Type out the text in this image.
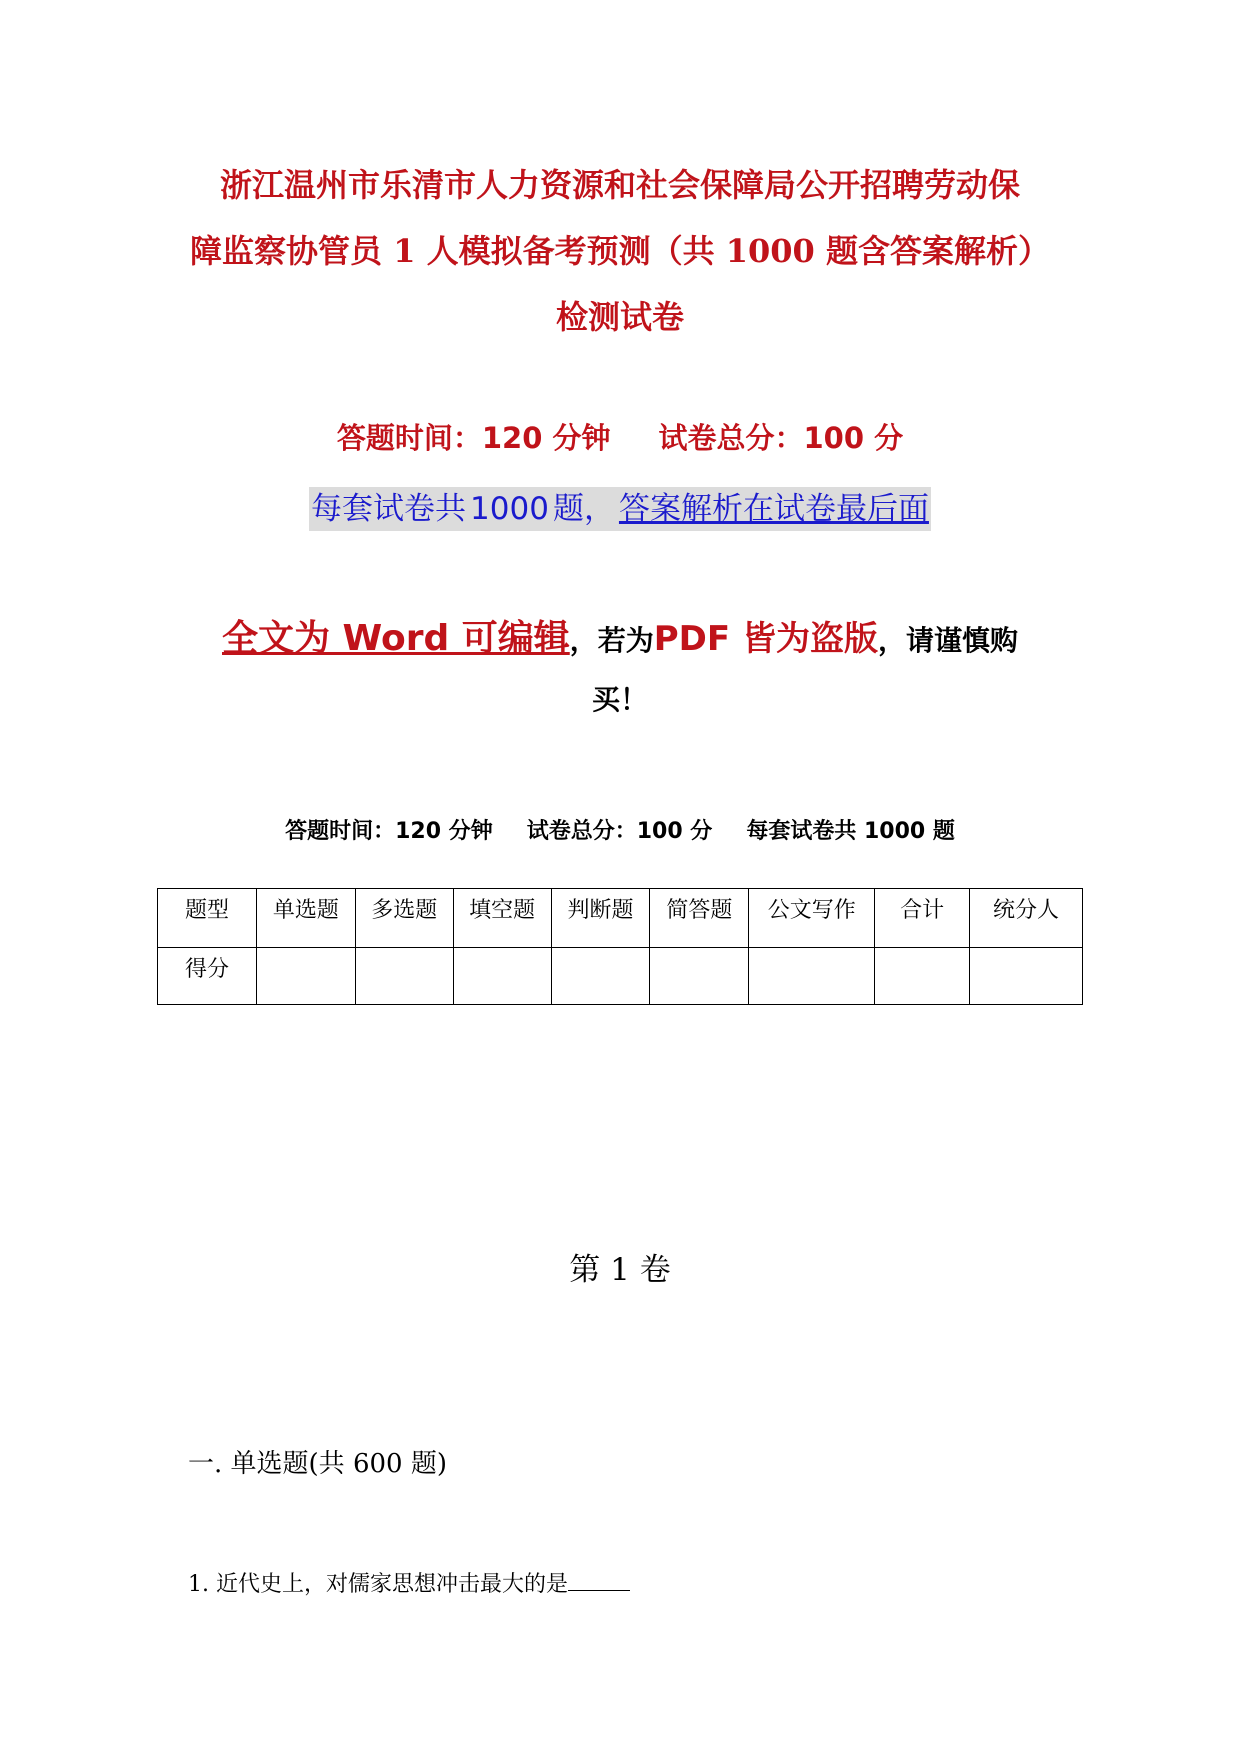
浙江温州市乐清市人力资源和社会保障局公开招聘劳动保
障监察协管员 1 人模拟备考预测（共 1000 题含答案解析）
检测试卷
答题时间：120 分钟 试卷总分：100 分
每套试卷共 1000 题， 答案解析在试卷最后面
全文为 Word 可编辑，若为PDF 皆为盗版，请谨慎购
买！
答题时间：120 分钟 试卷总分：100 分 每套试卷共 1000 题
题型	单选题	多选题	填空题	判断题	简答题	公文写作	合计	统分人
得分								
第 1 卷
一. 单选题(共 600 题)
1. 近代史上，对儒家思想冲击最大的是
